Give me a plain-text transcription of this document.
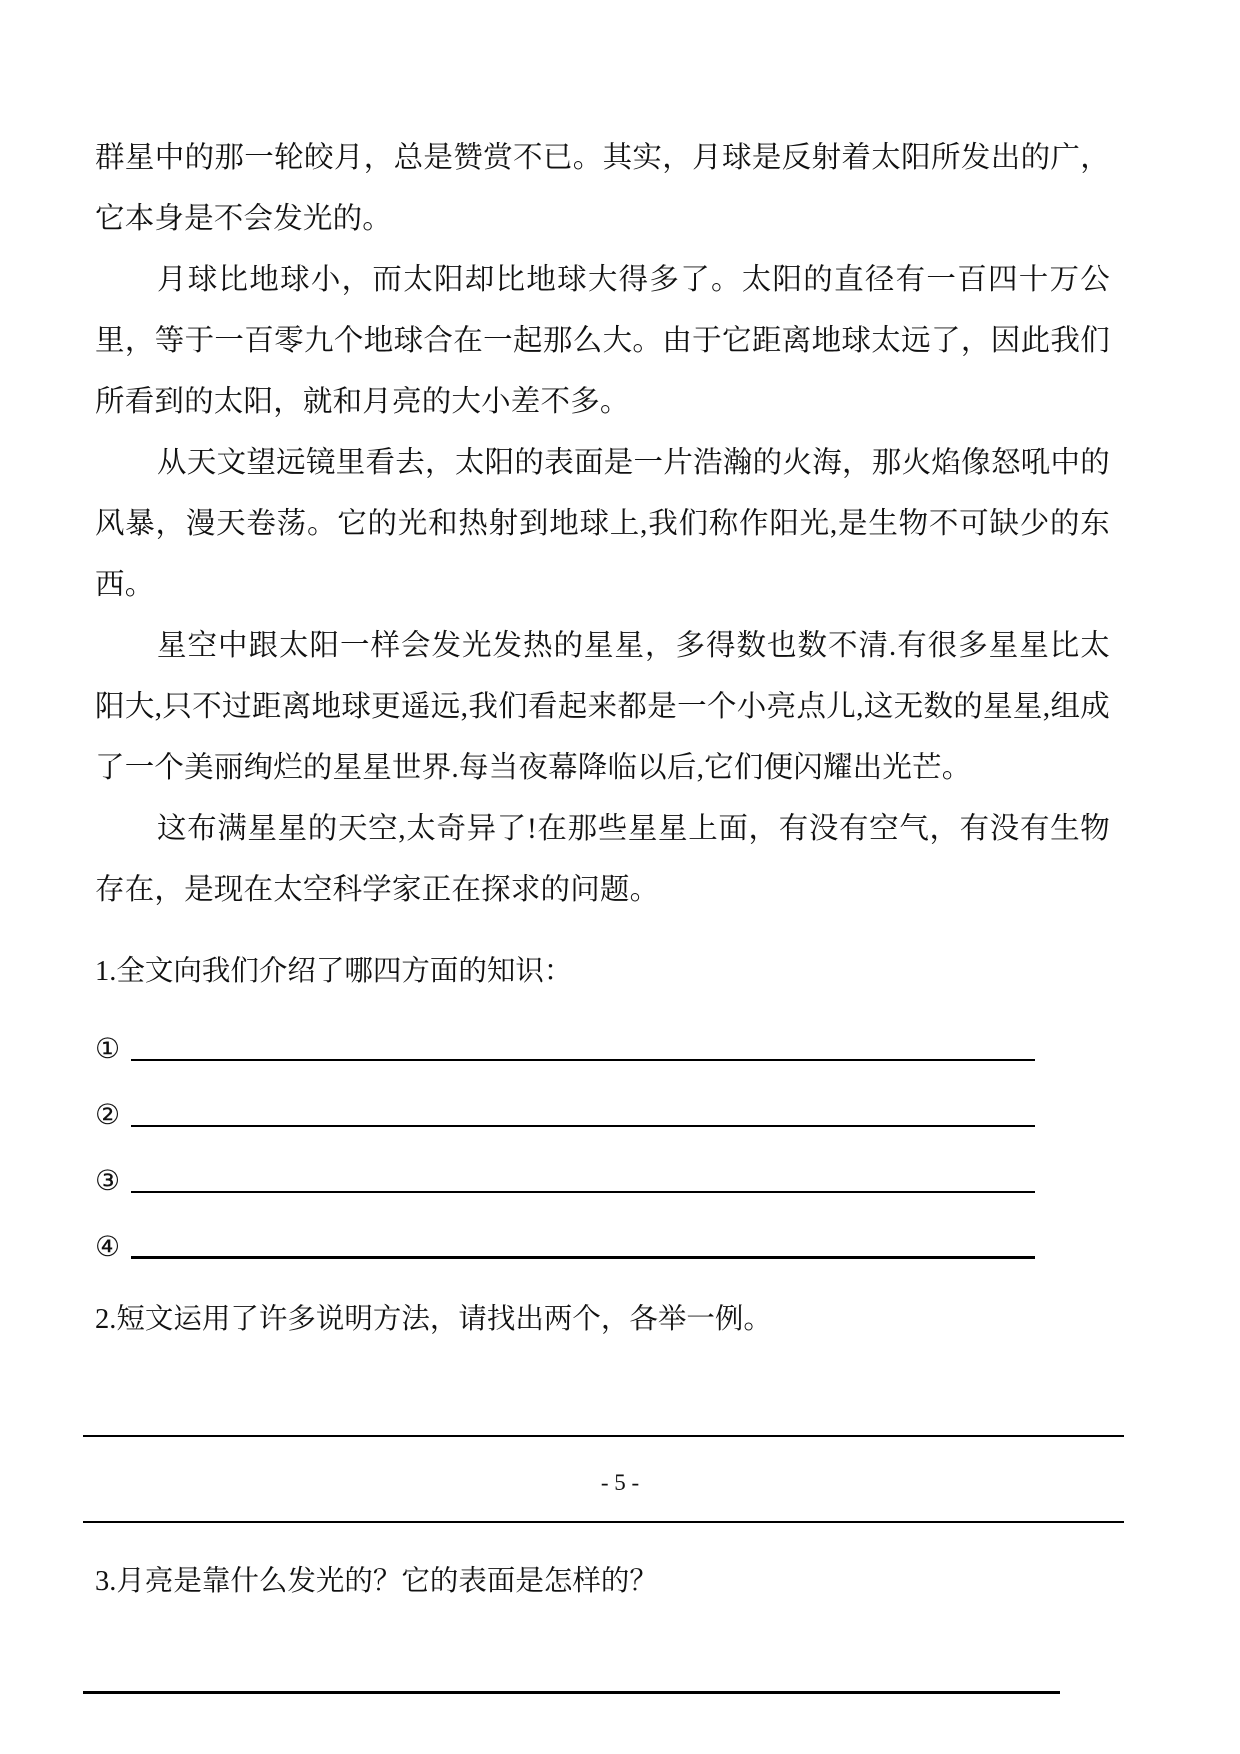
群星中的那一轮皎月，总是赞赏不已。其实，月球是反射着太阳所发出的广，它本身是不会发光的。

月球比地球小，而太阳却比地球大得多了。太阳的直径有一百四十万公里，等于一百零九个地球合在一起那么大。由于它距离地球太远了，因此我们所看到的太阳，就和月亮的大小差不多。

从天文望远镜里看去，太阳的表面是一片浩瀚的火海，那火焰像怒吼中的风暴，漫天卷荡。它的光和热射到地球上,我们称作阳光,是生物不可缺少的东西。

星空中跟太阳一样会发光发热的星星，多得数也数不清.有很多星星比太阳大,只不过距离地球更遥远,我们看起来都是一个小亮点儿,这无数的星星,组成了一个美丽绚烂的星星世界.每当夜幕降临以后,它们便闪耀出光芒。

这布满星星的天空,太奇异了!在那些星星上面，有没有空气，有没有生物存在，是现在太空科学家正在探求的问题。

1.全文向我们介绍了哪四方面的知识：

①
②
③
④

2.短文运用了许多说明方法，请找出两个，各举一例。

3.月亮是靠什么发光的？它的表面是怎样的？

- 5 -
